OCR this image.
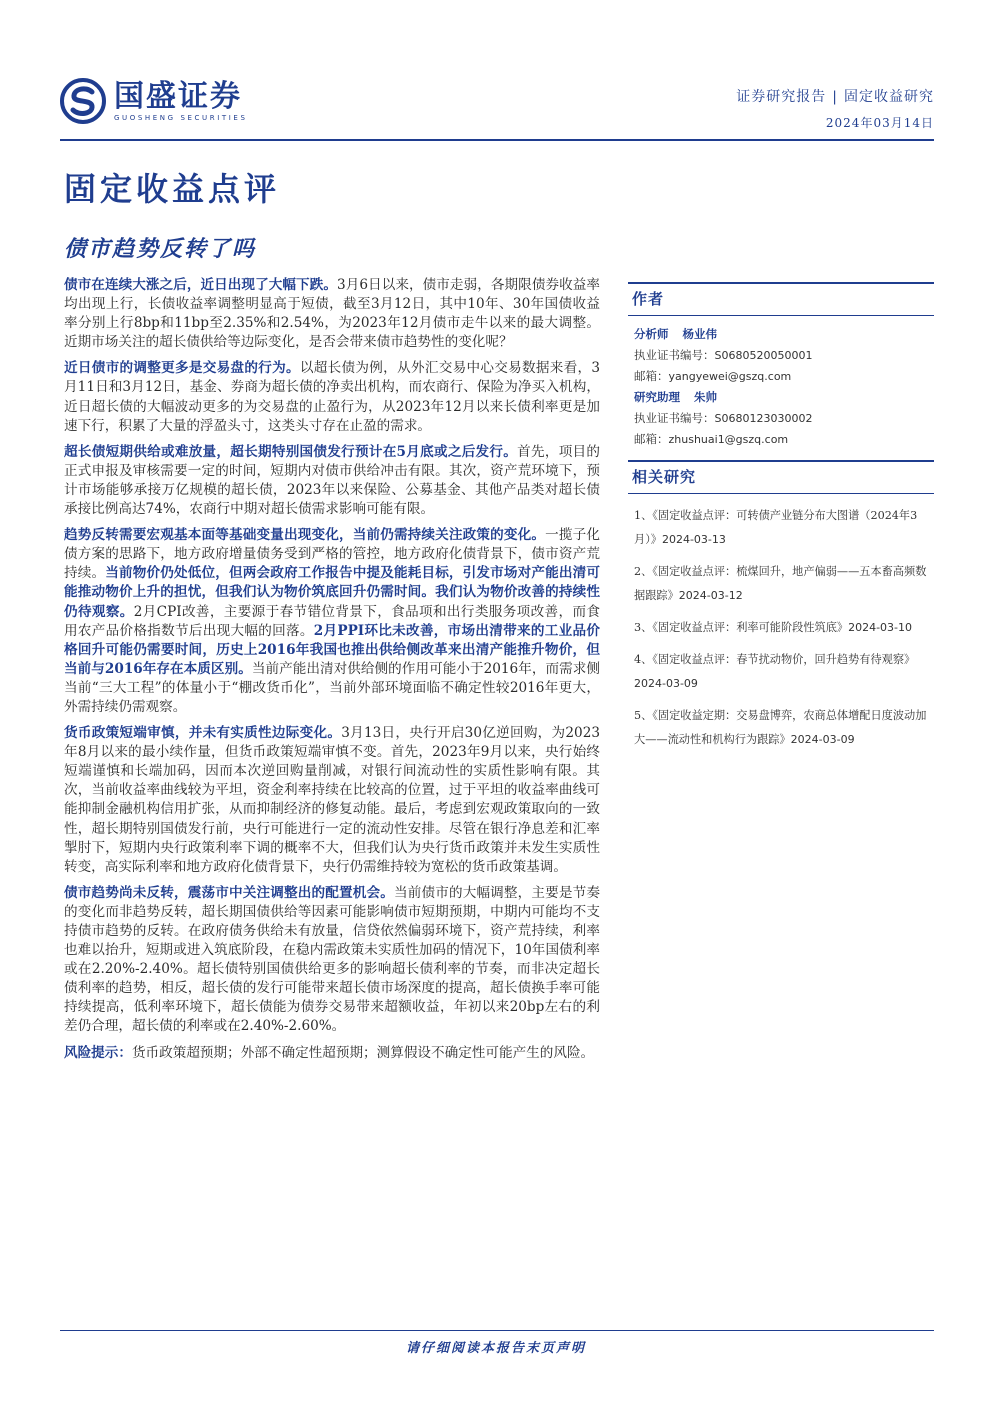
国盛证券
GUOSHENG SECURITIES
证券研究报告 | 固定收益研究
2024年03月14日
固定收益点评
债市趋势反转了吗

债市在连续大涨之后，近日出现了大幅下跌。3月6日以来，债市走弱，各期限债券收益率均出现上行，长债收益率调整明显高于短债，截至3月12日，其中10年、30年国债收益率分别上行8bp和11bp至2.35%和2.54%，为2023年12月债市走牛以来的最大调整。近期市场关注的超长债供给等边际变化，是否会带来债市趋势性的变化呢？

近日债市的调整更多是交易盘的行为。以超长债为例，从外汇交易中心交易数据来看，3月11日和3月12日，基金、券商为超长债的净卖出机构，而农商行、保险为净买入机构，近日超长债的大幅波动更多的为交易盘的止盈行为，从2023年12月以来长债利率更是加速下行，积累了大量的浮盈头寸，这类头寸存在止盈的需求。

超长债短期供给或难放量，超长期特别国债发行预计在5月底或之后发行。首先，项目的正式申报及审核需要一定的时间，短期内对债市供给冲击有限。其次，资产荒环境下，预计市场能够承接万亿规模的超长债，2023年以来保险、公募基金、其他产品类对超长债承接比例高达74%，农商行中期对超长债需求影响可能有限。

趋势反转需要宏观基本面等基础变量出现变化，当前仍需持续关注政策的变化。一揽子化债方案的思路下，地方政府增量债务受到严格的管控，地方政府化债背景下，债市资产荒持续。当前物价仍处低位，但两会政府工作报告中提及能耗目标，引发市场对产能出清可能推动物价上升的担忧，但我们认为物价筑底回升仍需时间。我们认为物价改善的持续性仍待观察。2月CPI改善，主要源于春节错位背景下，食品项和出行类服务项改善，而食用农产品价格指数节后出现大幅的回落。2月PPI环比未改善，市场出清带来的工业品价格回升可能仍需要时间，历史上2016年我国也推出供给侧改革来出清产能推升物价，但当前与2016年存在本质区别。当前产能出清对供给侧的作用可能小于2016年，而需求侧当前“三大工程”的体量小于“棚改货币化”，当前外部环境面临不确定性较2016年更大，外需持续仍需观察。

货币政策短端审慎，并未有实质性边际变化。3月13日，央行开启30亿逆回购，为2023年8月以来的最小续作量，但货币政策短端审慎不变。首先，2023年9月以来，央行始终短端谨慎和长端加码，因而本次逆回购量削减，对银行间流动性的实质性影响有限。其次，当前收益率曲线较为平坦，资金利率持续在比较高的位置，过于平坦的收益率曲线可能抑制金融机构信用扩张，从而抑制经济的修复动能。最后，考虑到宏观政策取向的一致性，超长期特别国债发行前，央行可能进行一定的流动性安排。尽管在银行净息差和汇率掣肘下，短期内央行政策利率下调的概率不大，但我们认为央行货币政策并未发生实质性转变，高实际利率和地方政府化债背景下，央行仍需维持较为宽松的货币政策基调。

债市趋势尚未反转，震荡市中关注调整出的配置机会。当前债市的大幅调整，主要是节奏的变化而非趋势反转，超长期国债供给等因素可能影响债市短期预期，中期内可能均不支持债市趋势的反转。在政府债务供给未有放量，信贷依然偏弱环境下，资产荒持续，利率也难以抬升，短期或进入筑底阶段，在稳内需政策未实质性加码的情况下，10年国债利率或在2.20%-2.40%。超长债特别国债供给更多的影响超长债利率的节奏，而非决定超长债利率的趋势，相反，超长债的发行可能带来超长债市场深度的提高，超长债换手率可能持续提高，低利率环境下，超长债能为债券交易带来超额收益，年初以来20bp左右的利差仍合理，超长债的利率或在2.40%-2.60%。

风险提示：货币政策超预期；外部不确定性超预期；测算假设不确定性可能产生的风险。

作者
分析师 杨业伟
执业证书编号：S0680520050001
邮箱：yangyewei@gszq.com
研究助理 朱帅
执业证书编号：S0680123030002
邮箱：zhushuai1@gszq.com
相关研究
1、《固定收益点评：可转债产业链分布大图谱（2024年3月）》2024-03-13
2、《固定收益点评：梳煤回升，地产偏弱——五本畜高频数据跟踪》2024-03-12
3、《固定收益点评：利率可能阶段性筑底》2024-03-10
4、《固定收益点评：春节扰动物价，回升趋势有待观察》2024-03-09
5、《固定收益定期：交易盘博弈，农商总体增配日度波动加大——流动性和机构行为跟踪》2024-03-09
请仔细阅读本报告末页声明
